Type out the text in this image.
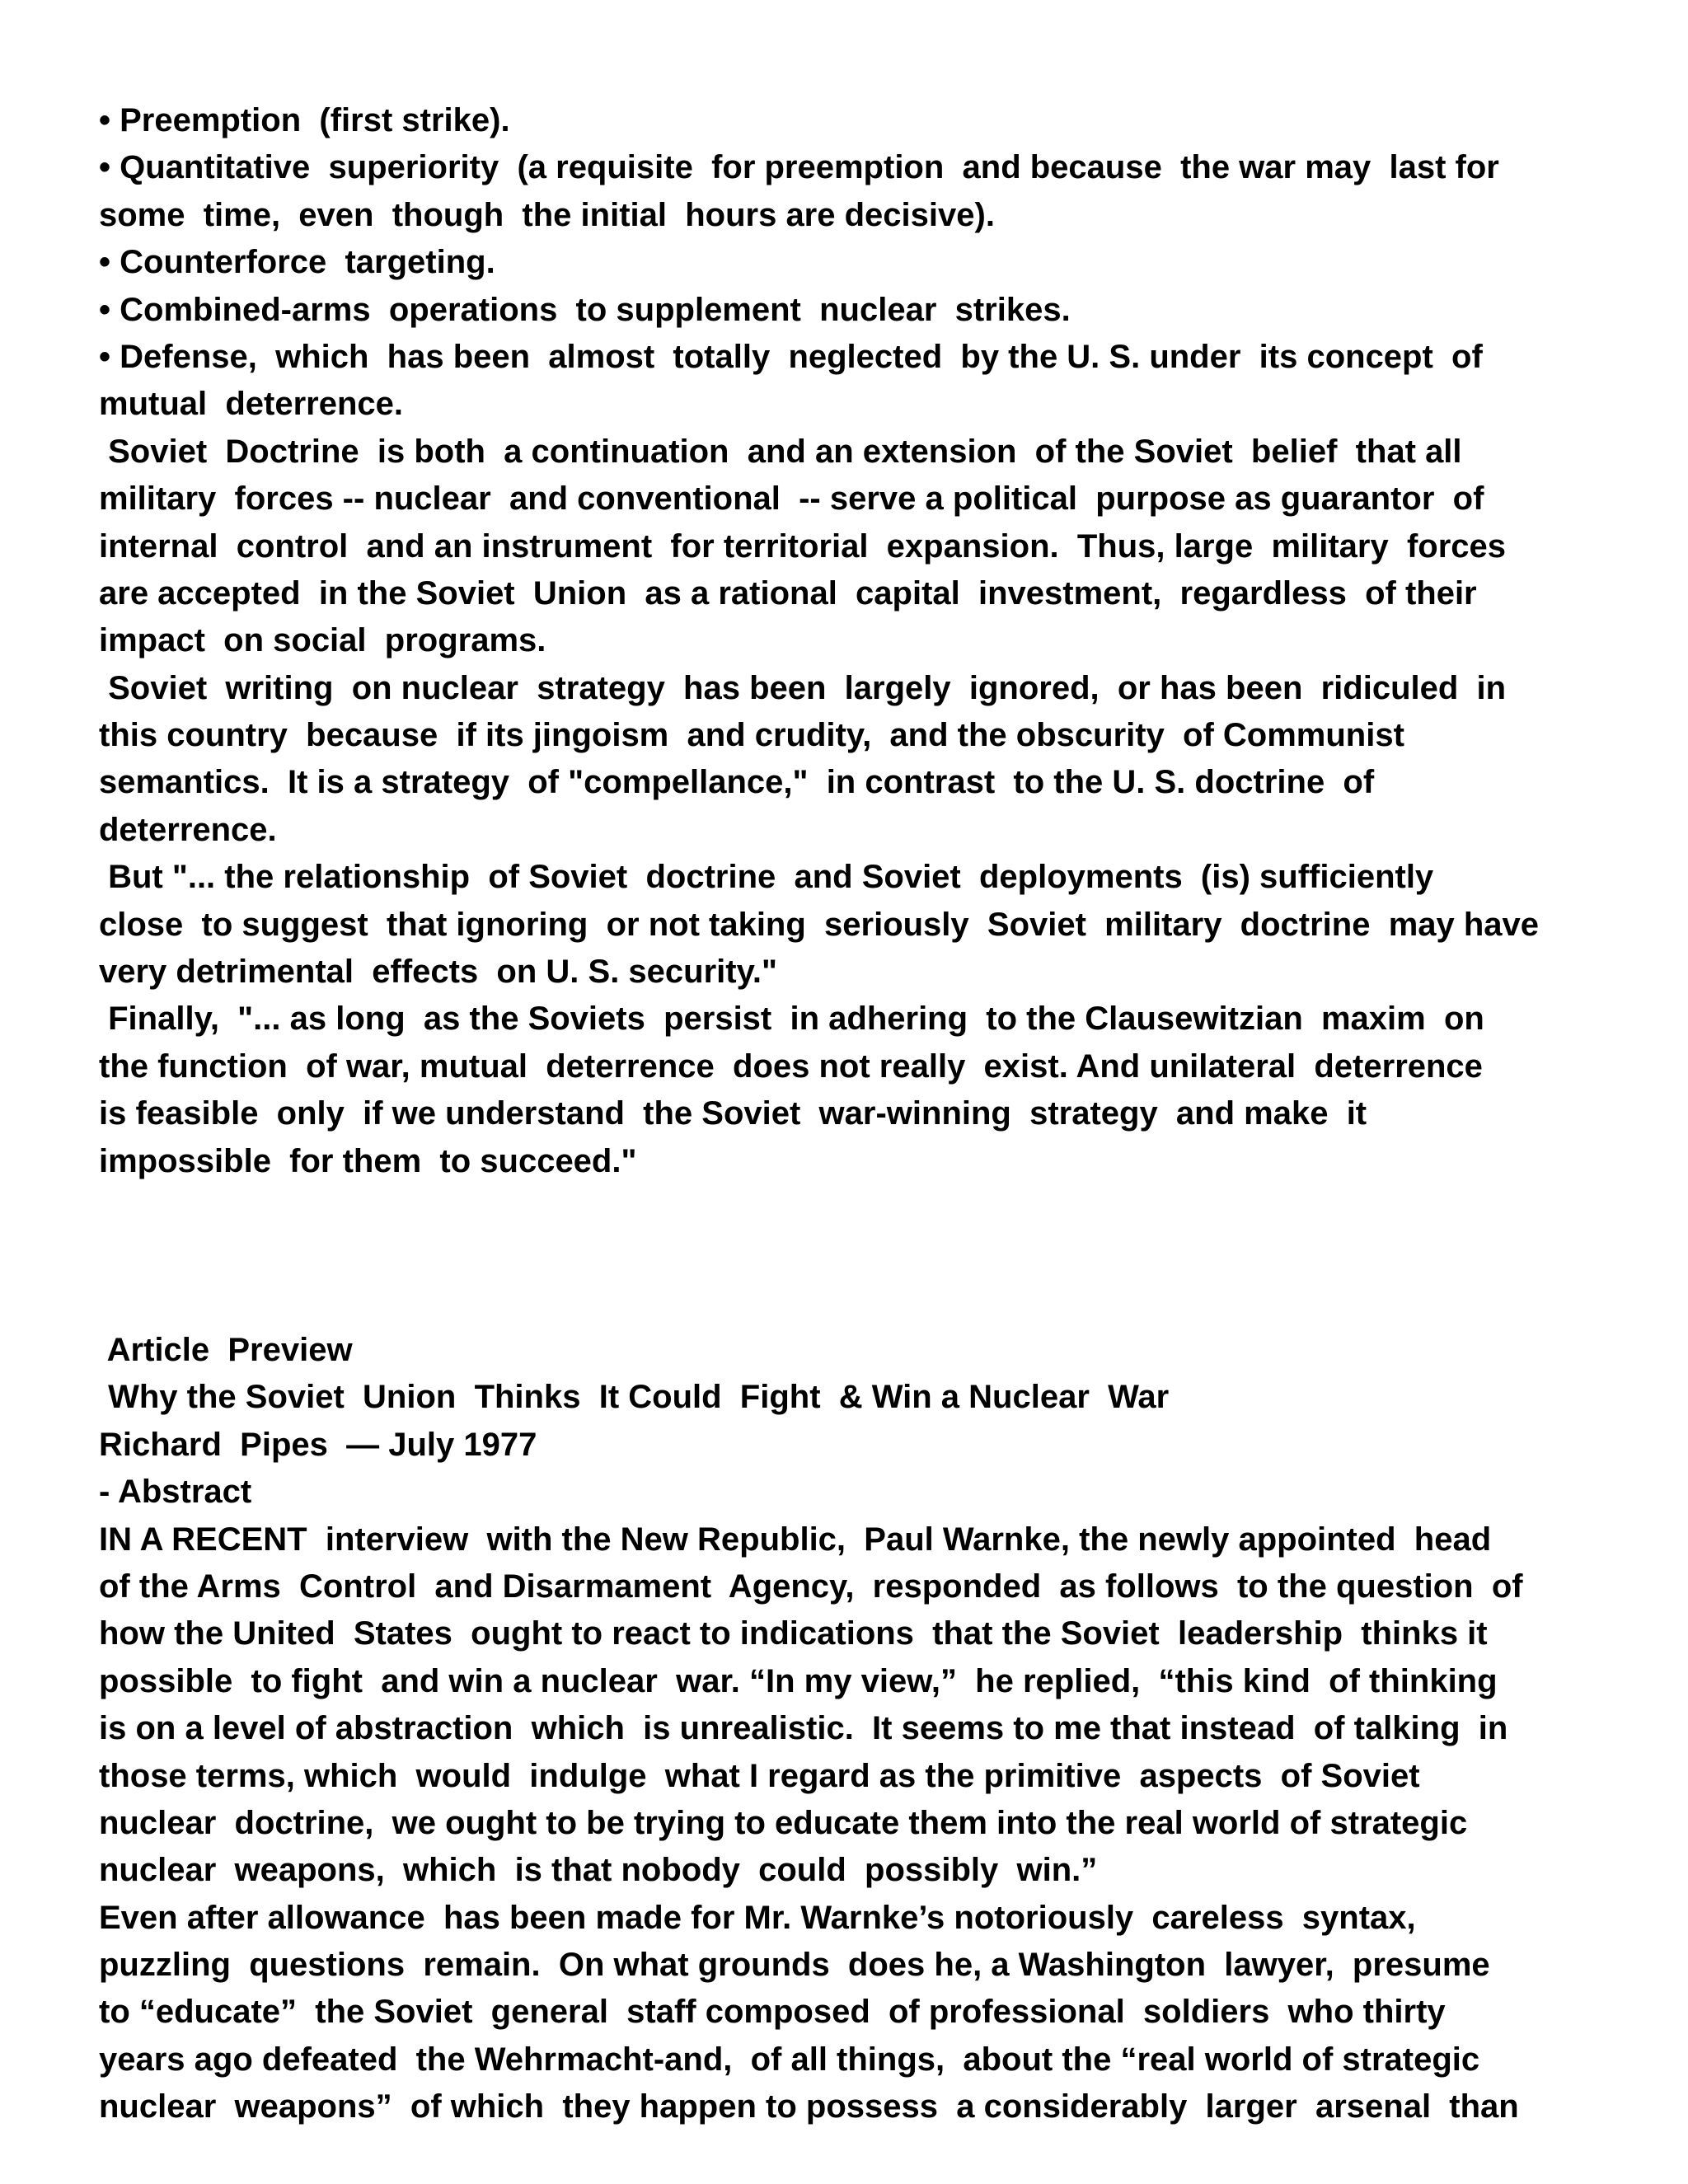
• Preemption  (first strike).
• Quantitative  superiority  (a requisite  for preemption  and because  the war may  last for
some  time,  even  though  the initial  hours are decisive).
• Counterforce  targeting.
• Combined-arms  operations  to supplement  nuclear  strikes.
• Defense,  which  has been  almost  totally  neglected  by the U. S. under  its concept  of
mutual  deterrence.
Soviet  Doctrine  is both  a continuation  and an extension  of the Soviet  belief  that all
military  forces -- nuclear  and conventional  -- serve a political  purpose as guarantor  of
internal  control  and an instrument  for territorial  expansion.  Thus, large  military  forces
are accepted  in the Soviet  Union  as a rational  capital  investment,  regardless  of their
impact  on social  programs.
Soviet  writing  on nuclear  strategy  has been  largely  ignored,  or has been  ridiculed  in
this country  because  if its jingoism  and crudity,  and the obscurity  of Communist
semantics.  It is a strategy  of "compellance,"  in contrast  to the U. S. doctrine  of
deterrence.
But "... the relationship  of Soviet  doctrine  and Soviet  deployments  (is) sufficiently
close  to suggest  that ignoring  or not taking  seriously  Soviet  military  doctrine  may have
very detrimental  effects  on U. S. security."
Finally,  "... as long  as the Soviets  persist  in adhering  to the Clausewitzian  maxim  on
the function  of war, mutual  deterrence  does not really  exist. And unilateral  deterrence
is feasible  only  if we understand  the Soviet  war-winning  strategy  and make  it
impossible  for them  to succeed."
Article  Preview
Why the Soviet  Union  Thinks  It Could  Fight  & Win a Nuclear  War
Richard  Pipes  — July 1977
- Abstract
IN A RECENT  interview  with the New Republic,  Paul Warnke, the newly appointed  head
of the Arms  Control  and Disarmament  Agency,  responded  as follows  to the question  of
how the United  States  ought to react to indications  that the Soviet  leadership  thinks it
possible  to fight  and win a nuclear  war. “In my view,”  he replied,  “this kind  of thinking
is on a level of abstraction  which  is unrealistic.  It seems to me that instead  of talking  in
those terms, which  would  indulge  what I regard as the primitive  aspects  of Soviet
nuclear  doctrine,  we ought to be trying to educate them into the real world of strategic
nuclear  weapons,  which  is that nobody  could  possibly  win.”
Even after allowance  has been made for Mr. Warnke’s notoriously  careless  syntax,
puzzling  questions  remain.  On what grounds  does he, a Washington  lawyer,  presume
to “educate”  the Soviet  general  staff composed  of professional  soldiers  who thirty
years ago defeated  the Wehrmacht-and,  of all things,  about the “real world of strategic
nuclear  weapons”  of which  they happen to possess  a considerably  larger  arsenal  than
